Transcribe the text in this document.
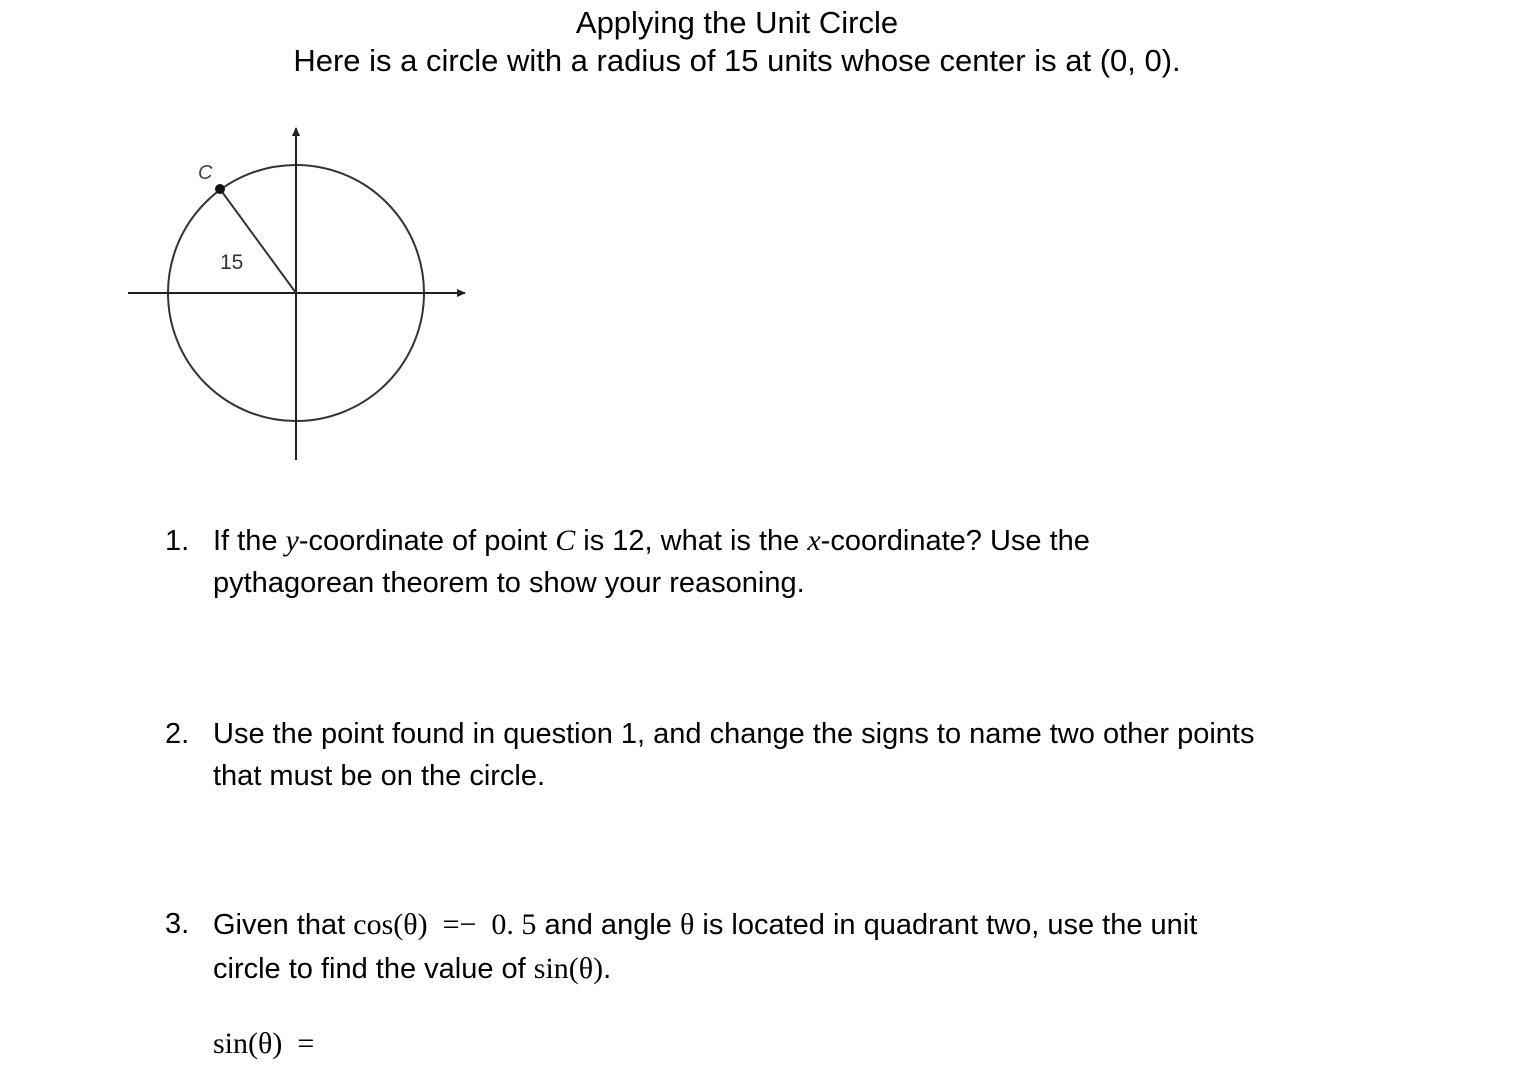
Applying the Unit Circle
Here is a circle with a radius of 15 units whose center is at (0, 0).
C
15
1. If the y-coordinate of point C is 12, what is the x-coordinate? Use the
pythagorean theorem to show your reasoning.
2. Use the point found in question 1, and change the signs to name two other points
that must be on the circle.
3. Given that cos(θ)  =−  0. 5 and angle θ is located in quadrant two, use the unit
circle to find the value of sin(θ).
sin(θ)  =
